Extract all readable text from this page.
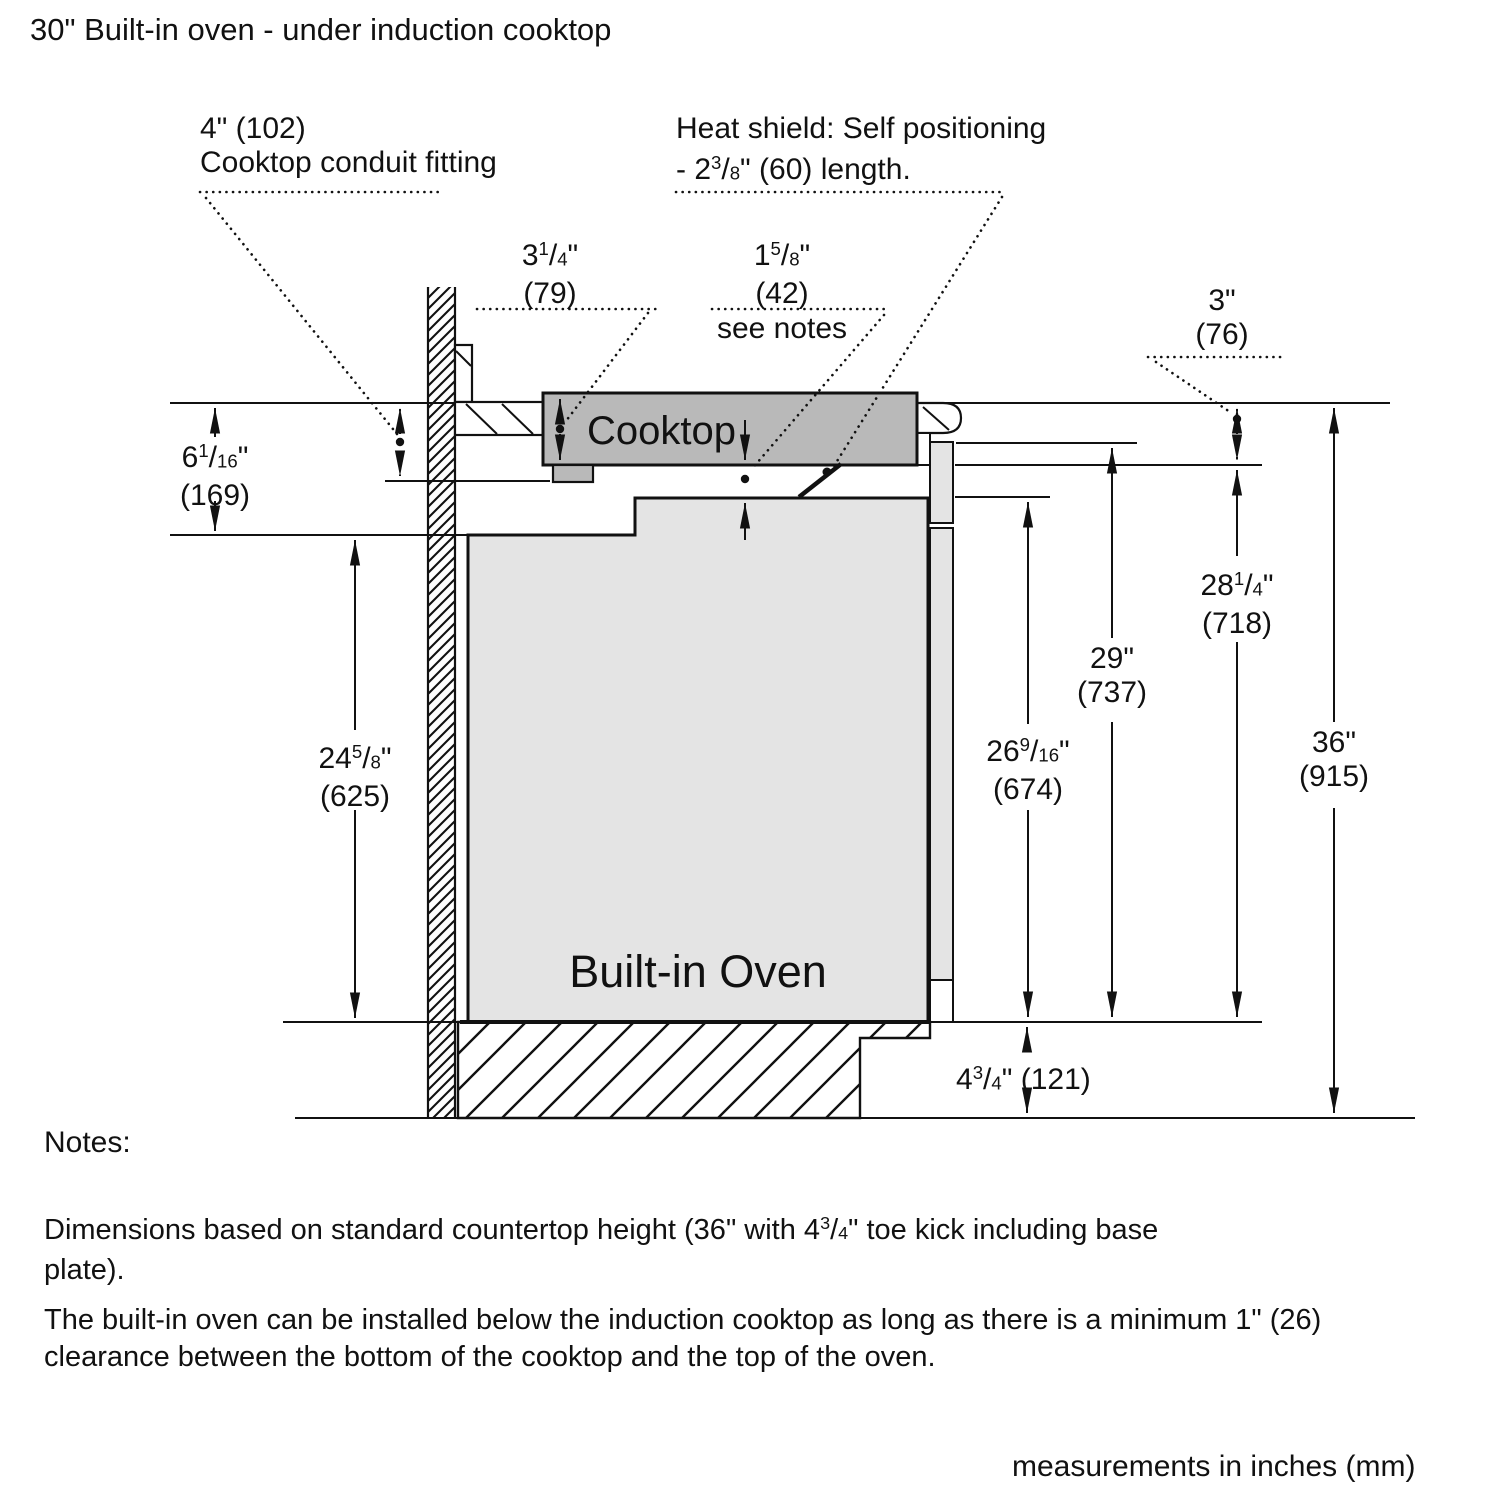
30" Built-in oven - under induction cooktop
4" (102)
Cooktop conduit fitting
Heat shield: Self positioning
- 2$^3$/8" (60) length.
3$^1$/4"
(79)
1$^5$/8"
(42)
see notes
3"
(76)
6$^1$/16"
(169)
24$^5$/8"
(625)
26$^9$/16"
(674)
29"
(737)
28$^1$/4"
(718)
36"
(915)
4$^3$/4" (121)
Cooktop
Built-in Oven
Notes:
Dimensions based on standard countertop height (36" with 4$^3$/4" toe kick including base plate).
The built-in oven can be installed below the induction cooktop as long as there is a minimum 1" (26) clearance between the bottom of the cooktop and the top of the oven.
measurements in inches (mm)
